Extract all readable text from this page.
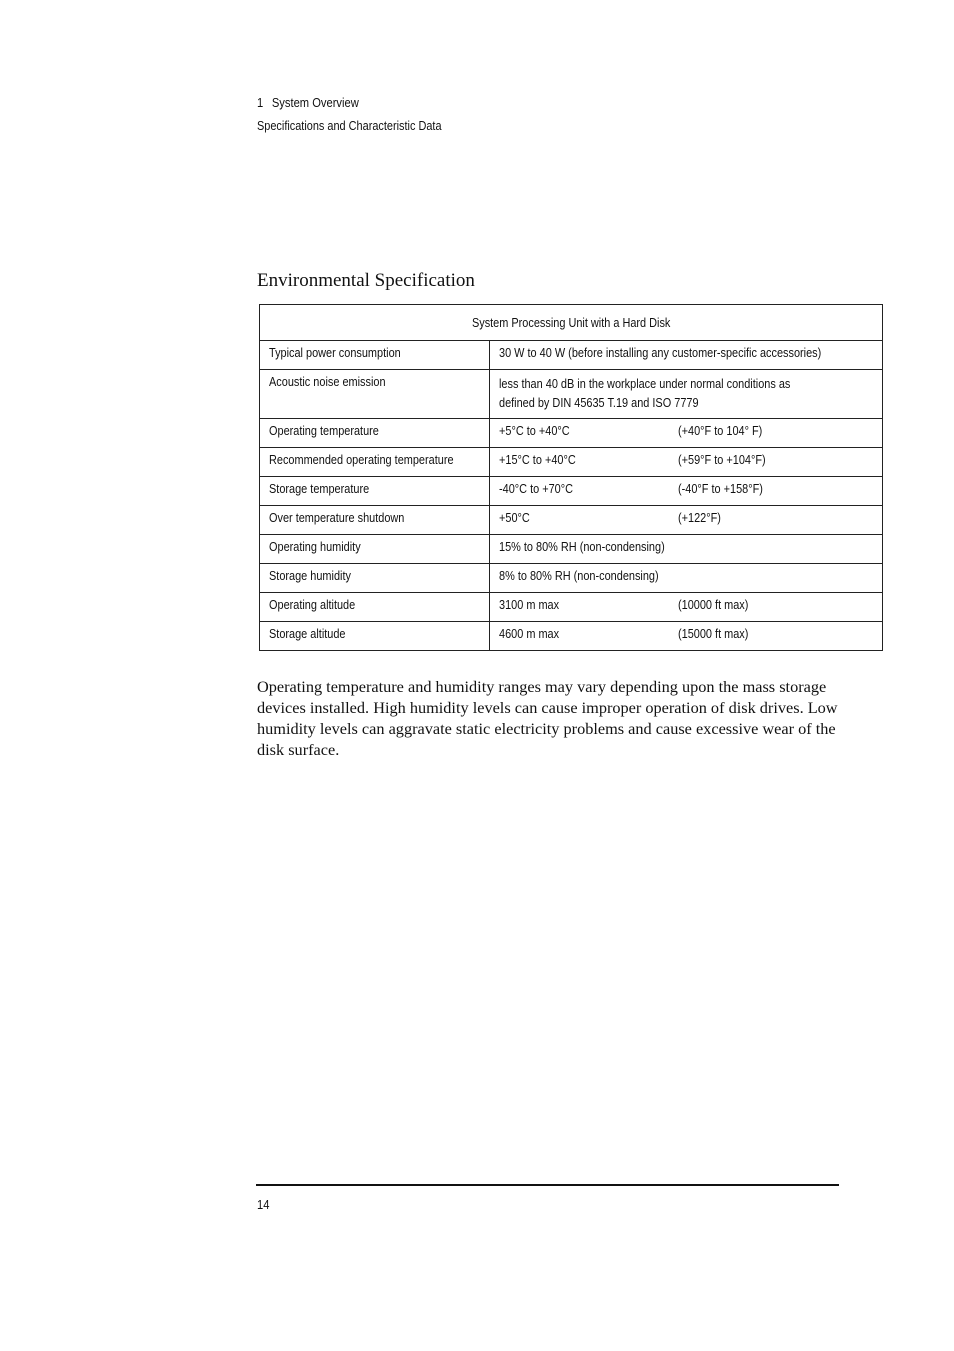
1 System Overview
Specifications and Characteristic Data
Environmental Specification
System Processing Unit with a Hard Disk	

Typical power consumption	30 W to 40 W (before installing any customer-specific accessories)
Acoustic noise emission	less than 40 dB in the workplace under normal conditions as
defined by DIN 45635 T.19 and ISO 7779
Operating temperature	+5°C to +40°C (+40°F to 104° F)

Recommended operating temperature	+15°C to +40°C (+59°F to +104°F)

Storage temperature	-40°C to +70°C (-40°F to +158°F)

Over temperature shutdown	+50°C (+122°F)

Operating humidity	15% to 80% RH (non-condensing)
Storage humidity	8% to 80% RH (non-condensing)
Operating altitude	3100 m max (10000 ft max)

Storage altitude	4600 m max (15000 ft max)

Operating temperature and humidity ranges may vary depending upon the mass storage devices installed. High humidity levels can cause improper operation of disk drives. Low humidity levels can aggravate static electricity problems and cause excessive wear of the disk surface.

14
